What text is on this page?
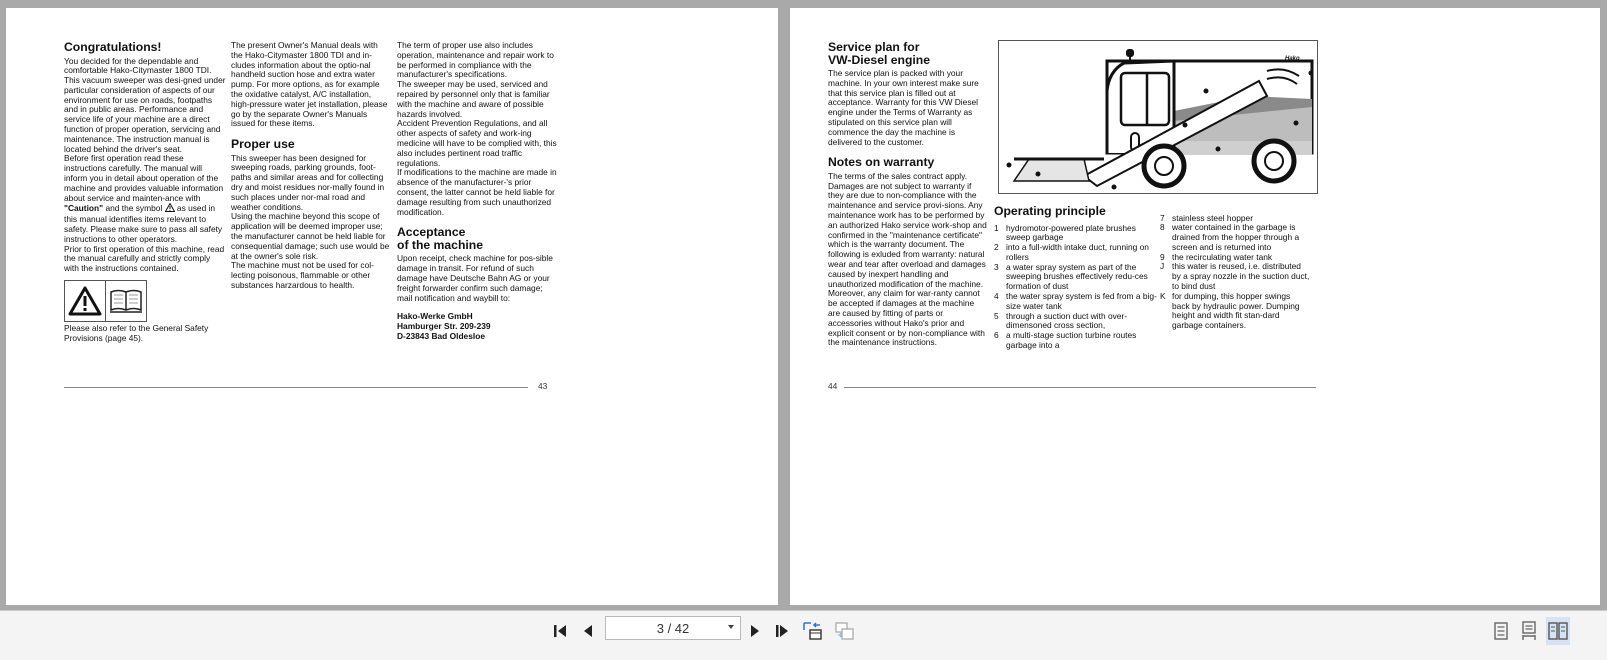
Congratulations!

You decided for the dependable and comfortable Hako-Citymaster 1800 TDI. This vacuum sweeper was desi-gned under particular consideration of aspects of our environment for use on roads, footpaths and in public areas. Performance and service life of your machine are a direct function of proper operation, servicing and maintenance. The instruction manual is located behind the driver's seat.

Before first operation read these instructions carefully. The manual will inform you in detail about operation of the machine and provides valuable information about service and mainten-ance with "Caution" and the symbol  as used in this manual identifies items relevant to safety. Please make sure to pass all safety instructions to other operators.

Prior to first operation of this machine, read the manual carefully and strictly comply with the instructions contained.

Please also refer to the General Safety Provisions (page 45).

The present Owner's Manual deals with the Hako-Citymaster 1800 TDI and in-cludes information about the optio-nal handheld suction hose and extra water pump. For more options, as for example the oxidative catalyst, A/C installation, high-pressure water jet installation, please go by the separate Owner's Manuals issued for these items.

Proper use

This sweeper has been designed for sweeping roads, parking grounds, foot-paths and similar areas and for collecting dry and moist residues nor-mally found in such places under nor-mal road and weather conditions.

Using the machine beyond this scope of application will be deemed improper use; the manufacturer cannot be held liable for consequential damage; such use would be at the owner's sole risk.

The machine must not be used for col-lecting poisonous, flammable or other substances harzardous to health.

The term of proper use also includes operation, maintenance and repair work to be performed in compliance with the manufacturer's specifications.

The sweeper may be used, serviced and repaired by personnel only that is familiar with the machine and aware of possible hazards involved.

Accident Prevention Regulations, and all other aspects of safety and work-ing medicine will have to be complied with, this also includes pertinent road traffic regulations.

If modifications to the machine are made in absence of the manufacturer-'s prior consent, the latter cannot be held liable for damage resulting from such unauthorized modification.

Acceptance
of the machine

Upon receipt, check machine for pos-sible damage in transit. For refund of such damage have Deutsche Bahn AG or your freight forwarder confirm such damage; mail notification and waybill to:

Hako-Werke GmbH
Hamburger Str. 209-239
D-23843 Bad Oldesloe
43
Service plan for
VW-Diesel engine

The service plan is packed with your machine. In your own interest make sure that this service plan is filled out at acceptance. Warranty for this VW Diesel engine under the Terms of Warranty as stipulated on this service plan will commence the day the machine is delivered to the customer.

Notes on warranty

The terms of the sales contract apply. Damages are not subject to warranty if they are due to non-compliance with the maintenance and service provi-sions. Any maintenance work has to be performed by an authorized Hako service work-shop and confirmed in the "maintenance certificate" which is the warranty document. The following is exluded from warranty: natural wear and tear after overload and damages caused by inexpert handling and unauthorized modification of the machine. Moreover, any claim for war-ranty cannot be accepted if damages at the machine are caused by fitting of parts or accessories without Hako's prior and explicit consent or by non-compliance with the maintenance instructions.

Hako
Operating principle
1 hydromotor-powered plate brushes sweep garbage
2 into a full-width intake duct, running on rollers
3 a water spray system as part of the sweeping brushes effectively redu-ces formation of dust
4 the water spray system is fed from a big-size water tank
5 through a suction duct with over-dimensoned cross section,
6 a multi-stage suction turbine routes garbage into a
7 stainless steel hopper
8 water contained in the garbage is drained from the hopper through a screen and is returned into
9 the recirculating water tank
J this water is reused, i.e. distributed by a spray nozzle in the suction duct, to bind dust
K for dumping, this hopper swings back by hydraulic power. Dumping height and width fit stan-dard garbage containers.
44
3 / 42
